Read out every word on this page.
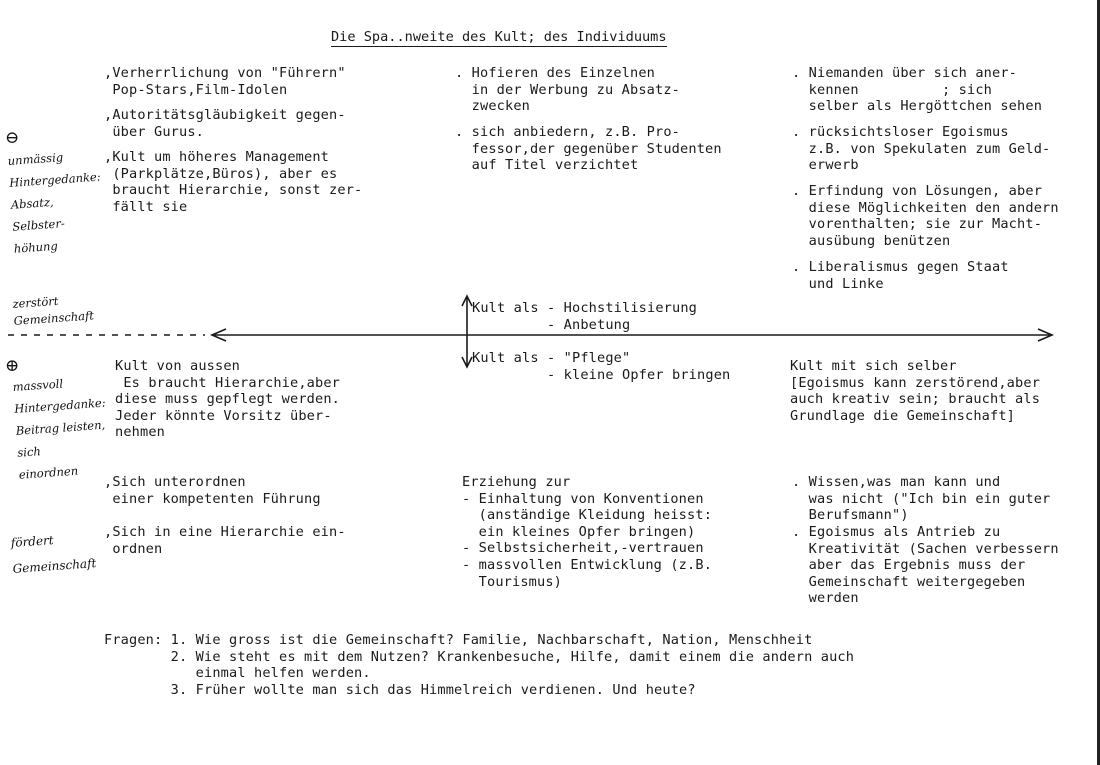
Die Spa..nweite des Kult; des Individuums
,Verherrlichung von "Führern"
Pop-Stars,Film-Idolen
,Autoritätsgläubigkeit gegen-
über Gurus.
,Kult um höheres Management
(Parkplätze,Büros), aber es
braucht Hierarchie, sonst zer-
fällt sie
. Hofieren des Einzelnen
in der Werbung zu Absatz-
zwecken
. sich anbiedern, z.B. Pro-
fessor,der gegenüber Studenten
auf Titel verzichtet
. Niemanden über sich aner-
kennen          ; sich
selber als Hergöttchen sehen
. rücksichtsloser Egoismus
z.B. von Spekulaten zum Geld-
erwerb
. Erfindung von Lösungen, aber
diese Möglichkeiten den andern
vorenthalten; sie zur Macht-
ausübung benützen
. Liberalismus gegen Staat
und Linke
Kult als - Hochstilisierung
- Anbetung
Kult als - "Pflege"
- kleine Opfer bringen
Kult von aussen
Es braucht Hierarchie,aber
diese muss gepflegt werden.
Jeder könnte Vorsitz über-
nehmen
Kult mit sich selber
[Egoismus kann zerstörend,aber
auch kreativ sein; braucht als
Grundlage die Gemeinschaft]
,Sich unterordnen
einer kompetenten Führung
,Sich in eine Hierarchie ein-
ordnen
Erziehung zur
- Einhaltung von Konventionen
(anständige Kleidung heisst:
ein kleines Opfer bringen)
- Selbstsicherheit,-vertrauen
- massvollen Entwicklung (z.B.
Tourismus)
. Wissen,was man kann und
was nicht ("Ich bin ein guter
Berufsmann")
. Egoismus als Antrieb zu
Kreativität (Sachen verbessern
aber das Ergebnis muss der
Gemeinschaft weitergegeben
werden
Fragen: 1. Wie gross ist die Gemeinschaft? Familie, Nachbarschaft, Nation, Menschheit
2. Wie steht es mit dem Nutzen? Krankenbesuche, Hilfe, damit einem die andern auch
einmal helfen werden.
3. Früher wollte man sich das Himmelreich verdienen. Und heute?
⊖
unmässig
Hintergedanke:
Absatz,
Selbster-
höhung
zerstört
Gemeinschaft
⊕
massvoll
Hintergedanke:
Beitrag leisten,
sich
einordnen
fördert
Gemeinschaft
